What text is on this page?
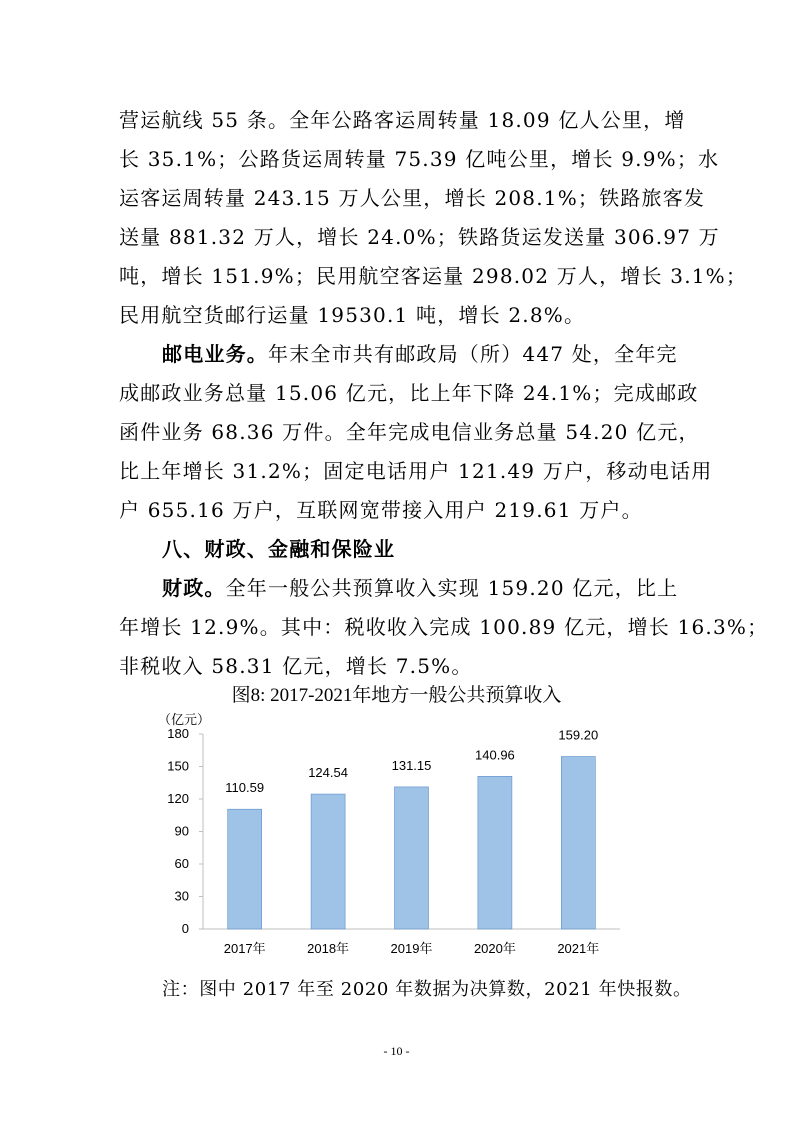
营运航线 55 条。全年公路客运周转量 18.09 亿人公里，增
长 35.1%；公路货运周转量 75.39 亿吨公里，增长 9.9%；水
运客运周转量 243.15 万人公里，增长 208.1%；铁路旅客发
送量 881.32 万人，增长 24.0%；铁路货运发送量 306.97 万
吨，增长 151.9%；民用航空客运量 298.02 万人，增长 3.1%；
民用航空货邮行运量 19530.1 吨，增长 2.8%。
邮电业务。年末全市共有邮政局（所）447 处，全年完
成邮政业务总量 15.06 亿元，比上年下降 24.1%；完成邮政
函件业务 68.36 万件。全年完成电信业务总量 54.20 亿元，
比上年增长 31.2%；固定电话用户 121.49 万户，移动电话用
户 655.16 万户，互联网宽带接入用户 219.61 万户。
八、财政、金融和保险业
财政。全年一般公共预算收入实现 159.20 亿元，比上
年增长 12.9%。其中：税收收入完成 100.89 亿元，增长 16.3%；
非税收入 58.31 亿元，增长 7.5%。
图8: 2017-2021年地方一般公共预算收入
（亿元）
0
30
60
90
120
150
180
110.59
124.54	131.15
140.96
159.20
2017年	2018年	2019年	2020年	2021年
注：图中 2017 年至 2020 年数据为决算数，2021 年快报数。
- 10 -
